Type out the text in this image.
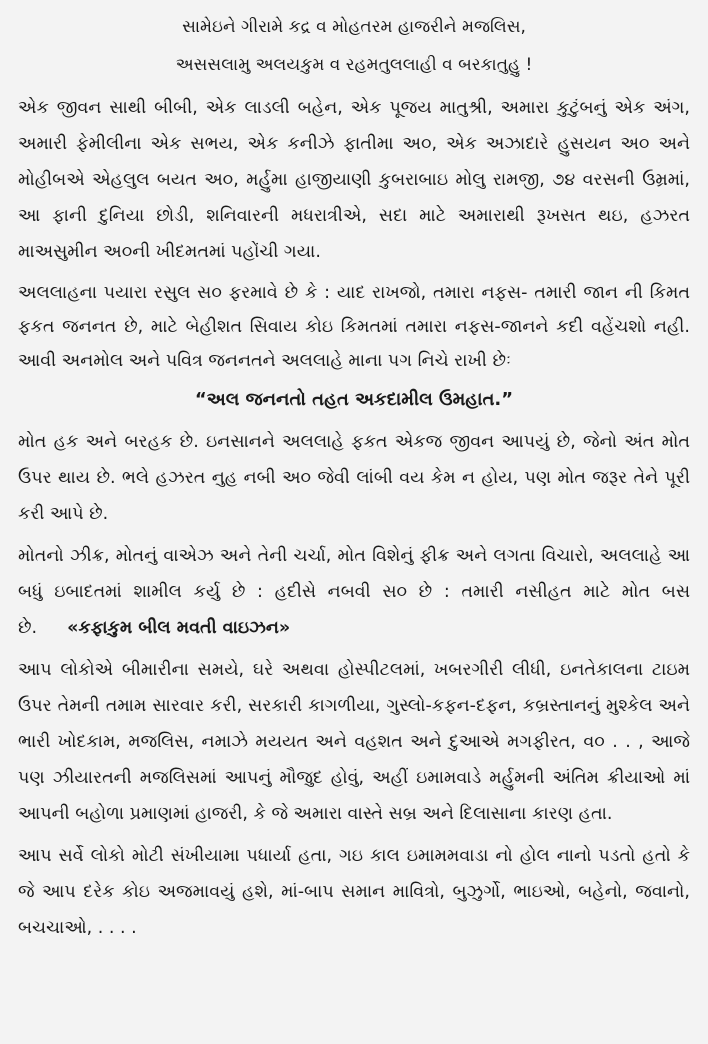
સામેઇને ગીરામે કદ્ર વ મોહતરમ હાજરીને મજલિસ,

અસસલામુ અલયકુમ વ રહમતુલલાહી વ બરકાતુહુ !

એક જીવન સાથી બીબી, એક લાડલી બહેન, એક પૂજય માતુશ્રી, અમારા કુટુંબનું એક અંગ, અમારી ફેમીલીના એક સભય, એક કનીઝે ફાતીમા અ૦, એક અઝાદારે હુસયન અ૦ અને મોહીબએ એહલુલ બયત અ૦, મર્હુમા હાજીયાણી કુબરાબાઇ મોલુ રામજી, ૭૪ વરસની ઉમ્રમાં, આ ફાની દુનિયા છોડી, શનિવારની મધરાત્રીએ, સદા માટે અમારાથી રૂખસત થઇ, હઝરત માઅસુમીન અ૦ની ખીદમતમાં પહોંચી ગયા.

અલલાહના પયારા રસુલ સ૦ ફરમાવે છે કે : યાદ રાખજો, તમારા નફસ- તમારી જાન ની કિમત ફકત જનનત છે, માટે બેહીશત સિવાય કોઇ કિમતમાં તમારા નફસ-જાનને કદી વહેંચશો નહી. આવી અનમોલ અને પવિત્ર જનનતને અલલાહે માના પગ નિચે રાખી છેઃ

“અલ જનનતો તહત અકદામીલ ઉમહાત.”

મોત હક અને બરહક છે. ઇનસાનને અલલાહે ફકત એકજ જીવન આપયું છે, જેનો અંત મોત ઉપર થાય છે. ભલે હઝરત નુહ નબી અ૦ જેવી લાંબી વય કેમ ન હોય, પણ મોત જરૂર તેને પૂરી કરી આપે છે.

મોતનો ઝીક્ર, મોતનું વાએઝ અને તેની ચર્ચા, મોત વિશેનું ફીક્ર અને લગતા વિચારો, અલલાહે આ બધું ઇબાદતમાં શામીલ કર્યુ છે : હદીસે નબવી સ૦ છે : તમારી નસીહત માટે મોત બસ છે. «કફાકુમ બીલ મવતી વાઇઝન»

આપ લોકોએ બીમારીના સમયે, ઘરે અથવા હોસ્પીટલમાં, ખબરગીરી લીધી, ઇનતેકાલના ટાઇમ ઉપર તેમની તમામ સારવાર કરી, સરકારી કાગળીયા, ગુસ્લો-કફન-દફન, કબ્રસ્તાનનું મુશ્કેલ અને ભારી ખોદકામ, મજલિસ, નમાઝે મયયત અને વહશત અને દુઆએ મગફીરત, વ૦ . . , આજે પણ ઝીયારતની મજલિસમાં આપનું મૌજુદ હોવું, અહીં ઇમામવાડે મર્હુમની અંતિમ ક્રીયાઓ માં આપની બહોળા પ્રમાણમાં હાજરી, કે જે અમારા વાસ્તે સબ્ર અને દિલાસાના કારણ હતા.

આપ સર્વે લોકો મોટી સંખીયામા પધાર્યા હતા, ગઇ કાલ ઇમામમવાડા નો હોલ નાનો પડતો હતો કે જે આપ દરેક કોઇ અજમાવયું હશે, માં-બાપ સમાન માવિત્રો, બુઝુર્ગો, ભાઇઓ, બહેનો, જવાનો, બચચાઓ, . . . .
